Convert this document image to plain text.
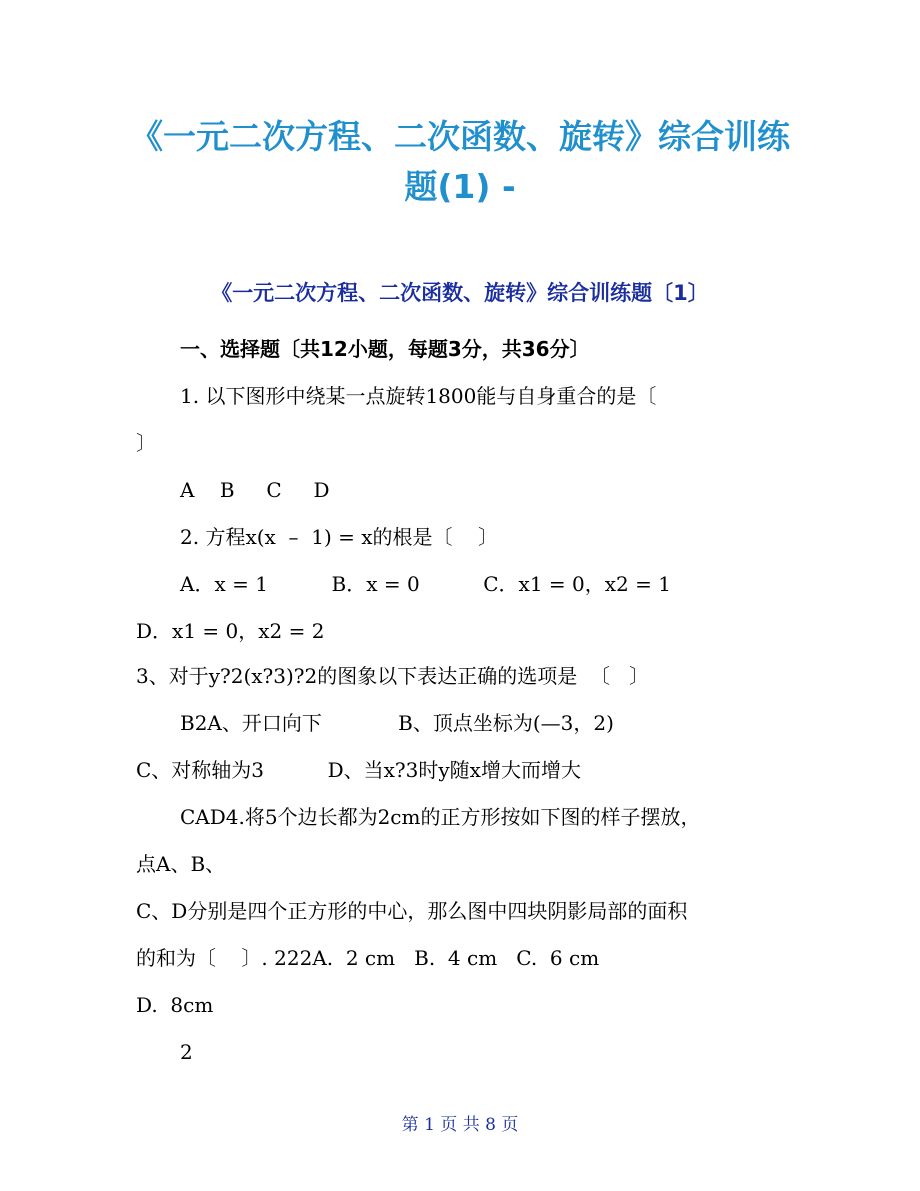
《一元二次方程、二次函数、旋转》综合训练
题(1) -
《一元二次方程、二次函数、旋转》综合训练题〔1〕

一、选择题〔共12小题，每题3分，共36分〕

1. 以下图形中绕某一点旋转1800能与自身重合的是〔

〕

A    B     C     D

2. 方程x(x  –  1) = x的根是〔    〕

A．x = 1          B．x = 0          C．x1 = 0，x2 = 1

D．x1 = 0，x2 = 2

3、对于y?2(x?3)?2的图象以下表达正确的选项是  〔   〕

B2A、开口向下            B、顶点坐标为(—3，2)

C、对称轴为3          D、当x?3时y随x增大而增大

CAD4.将5个边长都为2cm的正方形按如下图的样子摆放，

点A、B、

C、D分别是四个正方形的中心，那么图中四块阴影局部的面积

的和为〔    〕. 222A.  2 cm   B.  4 cm   C.  6 cm

D.  8cm

2

第 1 页 共 8 页
